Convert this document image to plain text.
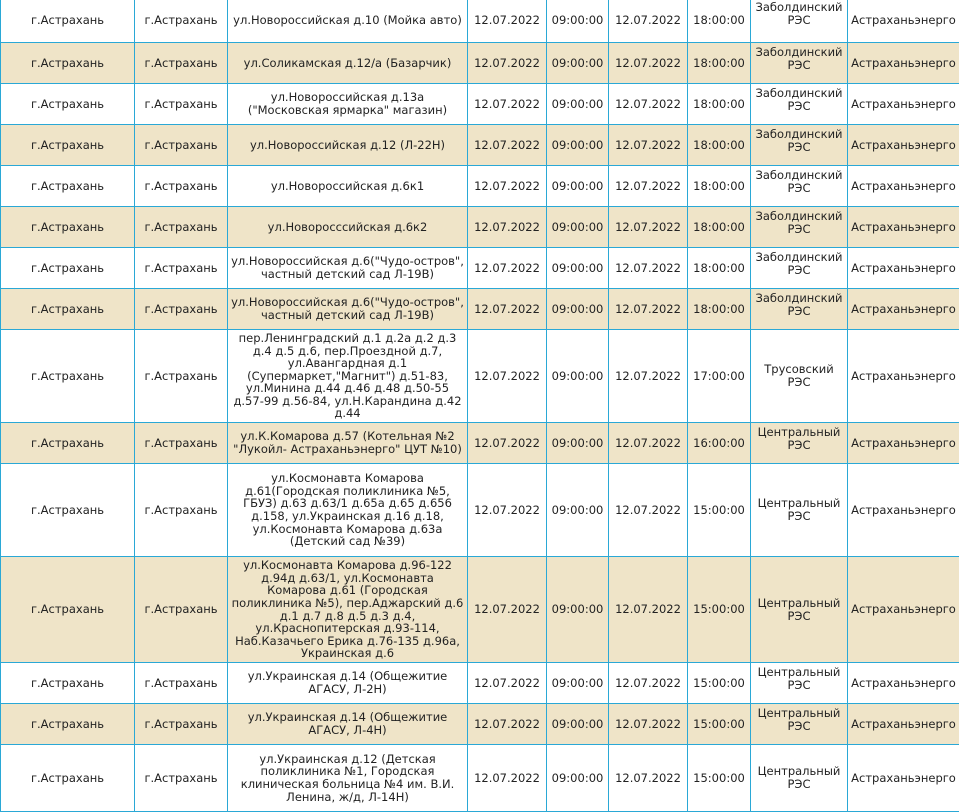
г.Астрахань	г.Астрахань	ул.Новороссийская д.10 (Мойка авто)	12.07.2022	09:00:00	12.07.2022	18:00:00	Заболдинский РЭС	Астраханьэнерго
г.Астрахань	г.Астрахань	ул.Соликамская д.12/а (Базарчик)	12.07.2022	09:00:00	12.07.2022	18:00:00	Заболдинский РЭС	Астраханьэнерго
г.Астрахань	г.Астрахань	ул.Новороссийская д.13а ("Московская ярмарка" магазин)	12.07.2022	09:00:00	12.07.2022	18:00:00	Заболдинский РЭС	Астраханьэнерго
г.Астрахань	г.Астрахань	ул.Новороссийская д.12 (Л-22Н)	12.07.2022	09:00:00	12.07.2022	18:00:00	Заболдинский РЭС	Астраханьэнерго
г.Астрахань	г.Астрахань	ул.Новороссийская д.6к1	12.07.2022	09:00:00	12.07.2022	18:00:00	Заболдинский РЭС	Астраханьэнерго
г.Астрахань	г.Астрахань	ул.Новоросссийская д.6к2	12.07.2022	09:00:00	12.07.2022	18:00:00	Заболдинский РЭС	Астраханьэнерго
г.Астрахань	г.Астрахань	ул.Новороссийская д.6("Чудо-остров", частный детский сад Л-19В)	12.07.2022	09:00:00	12.07.2022	18:00:00	Заболдинский РЭС	Астраханьэнерго
г.Астрахань	г.Астрахань	ул.Новороссийская д.6("Чудо-остров", частный детский сад Л-19В)	12.07.2022	09:00:00	12.07.2022	18:00:00	Заболдинский РЭС	Астраханьэнерго
г.Астрахань	г.Астрахань	пер.Ленинградский д.1 д.2а д.2 д.3 д.4 д.5 д.6, пер.Проездной д.7, ул.Авангардная д.1 (Супермаркет,"Магнит") д.51-83, ул.Минина д.44 д.46 д.48 д.50-55 д.57-99 д.56-84, ул.Н.Карандина д.42 д.44	12.07.2022	09:00:00	12.07.2022	17:00:00	Трусовский РЭС	Астраханьэнерго
г.Астрахань	г.Астрахань	ул.К.Комарова д.57 (Котельная №2 "Лукойл- Астраханьэнерго" ЦУТ №10)	12.07.2022	09:00:00	12.07.2022	16:00:00	Центральный РЭС	Астраханьэнерго
г.Астрахань	г.Астрахань	ул.Космонавта Комарова д.61(Городская поликлиника №5, ГБУЗ) д.63 д.63/1 д.65а д.65 д.656 д.158, ул.Украинская д.16 д.18, ул.Космонавта Комарова д.63а (Детский сад №39)	12.07.2022	09:00:00	12.07.2022	15:00:00	Центральный РЭС	Астраханьэнерго
г.Астрахань	г.Астрахань	ул.Космонавта Комарова д.96-122 д.94д д.63/1, ул.Космонавта Комарова д.61 (Городская поликлиника №5), пер.Аджарский д.6 д.1 д.7 д.8 д.5 д.3 д.4, ул.Краснопитерская д.93-114, Наб.Казачьего Ерика д.76-135 д.96а, Украинская д.6	12.07.2022	09:00:00	12.07.2022	15:00:00	Центральный РЭС	Астраханьэнерго
г.Астрахань	г.Астрахань	ул.Украинская д.14 (Общежитие АГАСУ, Л-2Н)	12.07.2022	09:00:00	12.07.2022	15:00:00	Центральный РЭС	Астраханьэнерго
г.Астрахань	г.Астрахань	ул.Украинская д.14 (Общежитие АГАСУ, Л-4Н)	12.07.2022	09:00:00	12.07.2022	15:00:00	Центральный РЭС	Астраханьэнерго
г.Астрахань	г.Астрахань	ул.Украинская д.12 (Детская поликлиника №1, Городская клиническая больница №4 им. В.И. Ленина, ж/д, Л-14Н)	12.07.2022	09:00:00	12.07.2022	15:00:00	Центральный РЭС	Астраханьэнерго
